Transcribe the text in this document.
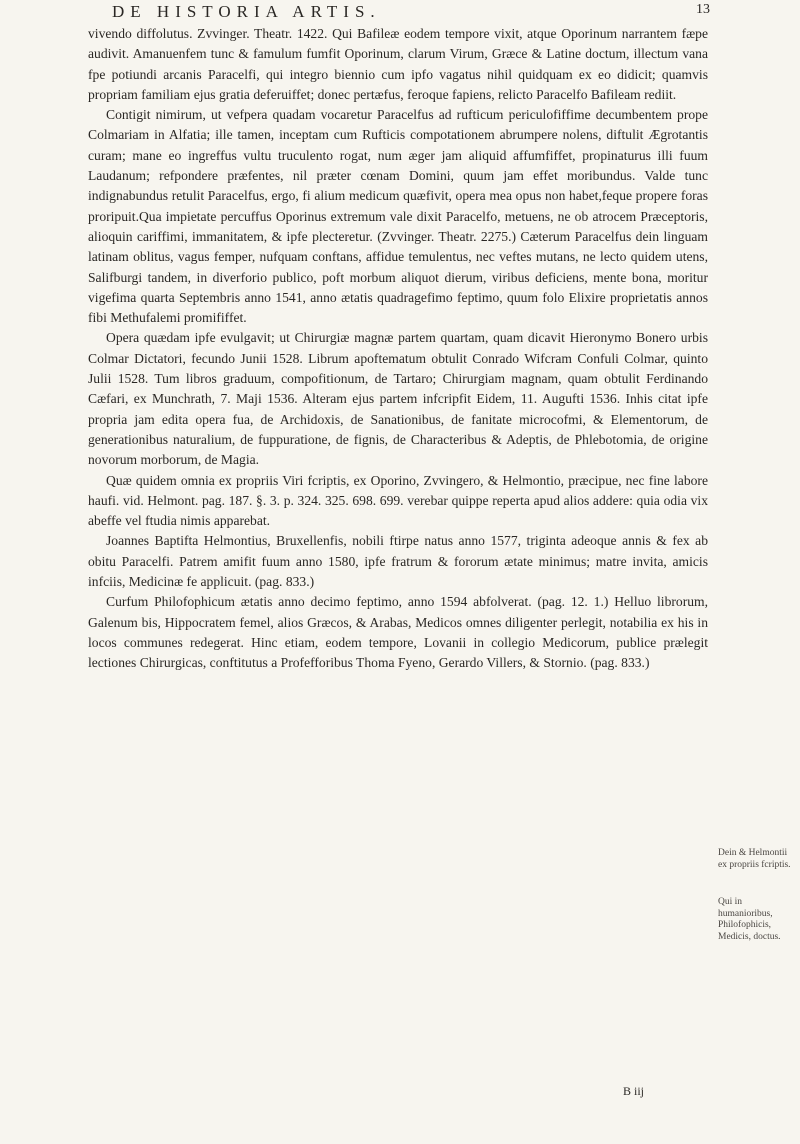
DE HISTORIA ARTIS.	13

vivendo diffolutus. Zvvinger. Theatr. 1422. Qui Bafileæ eodem tempore vixit, atque Oporinum narrantem fæpe audivit. Amanuenfem tunc & famulum fumfit Oporinum, clarum Virum, Græce & Latine doctum, illectum vana fpe potiundi arcanis Paracelfi, qui integro biennio cum ipfo vagatus nihil quidquam ex eo didicit; quamvis propriam familiam ejus gratia deferuiffet; donec pertæfus, feroque fapiens, relicto Paracelfo Bafileam rediit.

Contigit nimirum, ut vefpera quadam vocaretur Paracelfus ad rufticum periculofiffime decumbentem prope Colmariam in Alfatia; ille tamen, inceptam cum Rufticis compotationem abrumpere nolens, diftulit Ægrotantis curam; mane eo ingreffus vultu truculento rogat, num æger jam aliquid affumfiffet, propinaturus illi fuum Laudanum; refpondere præfentes, nil præter cœnam Domini, quum jam effet moribundus. Valde tunc indignabundus retulit Paracelfus, ergo, fi alium medicum quæfivit, opera mea opus non habet,feque propere foras proripuit.Qua impietate percuffus Oporinus extremum vale dixit Paracelfo, metuens, ne ob atrocem Præceptoris, alioquin cariffimi, immanitatem, & ipfe plecteretur. (Zvvinger. Theatr. 2275.) Cæterum Paracelfus dein linguam latinam oblitus, vagus femper, nufquam conftans, affidue temulentus, nec veftes mutans, ne lecto quidem utens, Salifburgi tandem, in diverforio publico, poft morbum aliquot dierum, viribus deficiens, mente bona, moritur vigefima quarta Septembris anno 1541, anno ætatis quadragefimo feptimo, quum folo Elixire proprietatis annos fibi Methufalemi promififfet.

Opera quædam ipfe evulgavit; ut Chirurgiæ magnæ partem quartam, quam dicavit Hieronymo Bonero urbis Colmar Dictatori, fecundo Junii 1528. Librum apoftematum obtulit Conrado Wifcram Confuli Colmar, quinto Julii 1528. Tum libros graduum, compofitionum, de Tartaro; Chirurgiam magnam, quam obtulit Ferdinando Cæfari, ex Munchrath, 7. Maji 1536. Alteram ejus partem infcripfit Eidem, 11. Augufti 1536. Inhis citat ipfe propria jam edita opera fua, de Archidoxis, de Sanationibus, de fanitate microcofmi, & Elementorum, de generationibus naturalium, de fuppuratione, de fignis, de Characteribus & Adeptis, de Phlebotomia, de origine novorum morborum, de Magia.

Quæ quidem omnia ex propriis Viri fcriptis, ex Oporino, Zvvingero, & Helmontio, præcipue, nec fine labore haufi. vid. Helmont. pag. 187. §. 3. p. 324. 325. 698. 699. verebar quippe reperta apud alios addere: quia odia vix abeffe vel ftudia nimis apparebat.

Joannes Baptifta Helmontius, Bruxellenfis, nobili ftirpe natus anno 1577, triginta adeoque annis & fex ab obitu Paracelfi. Patrem amifit fuum anno 1580, ipfe fratrum & fororum ætate minimus; matre invita, amicis infciis, Medicinæ fe applicuit. (pag. 833.)

Curfum Philofophicum ætatis anno decimo feptimo, anno 1594 abfolverat. (pag. 12. 1.) Helluo librorum, Galenum bis, Hippocratem femel, alios Græcos, & Arabas, Medicos omnes diligenter perlegit, notabilia ex his in locos communes redegerat. Hinc etiam, eodem tempore, Lovanii in collegio Medicorum, publice prælegit lectiones Chirurgicas, conftitutus a Profefforibus Thoma Fyeno, Gerardo Villers, & Stornio. (pag. 833.)

Dein & Helmontii ex propriis fcriptis.
Qui in humanioribus, Philofophicis, Medicis, doctus.
B iij
